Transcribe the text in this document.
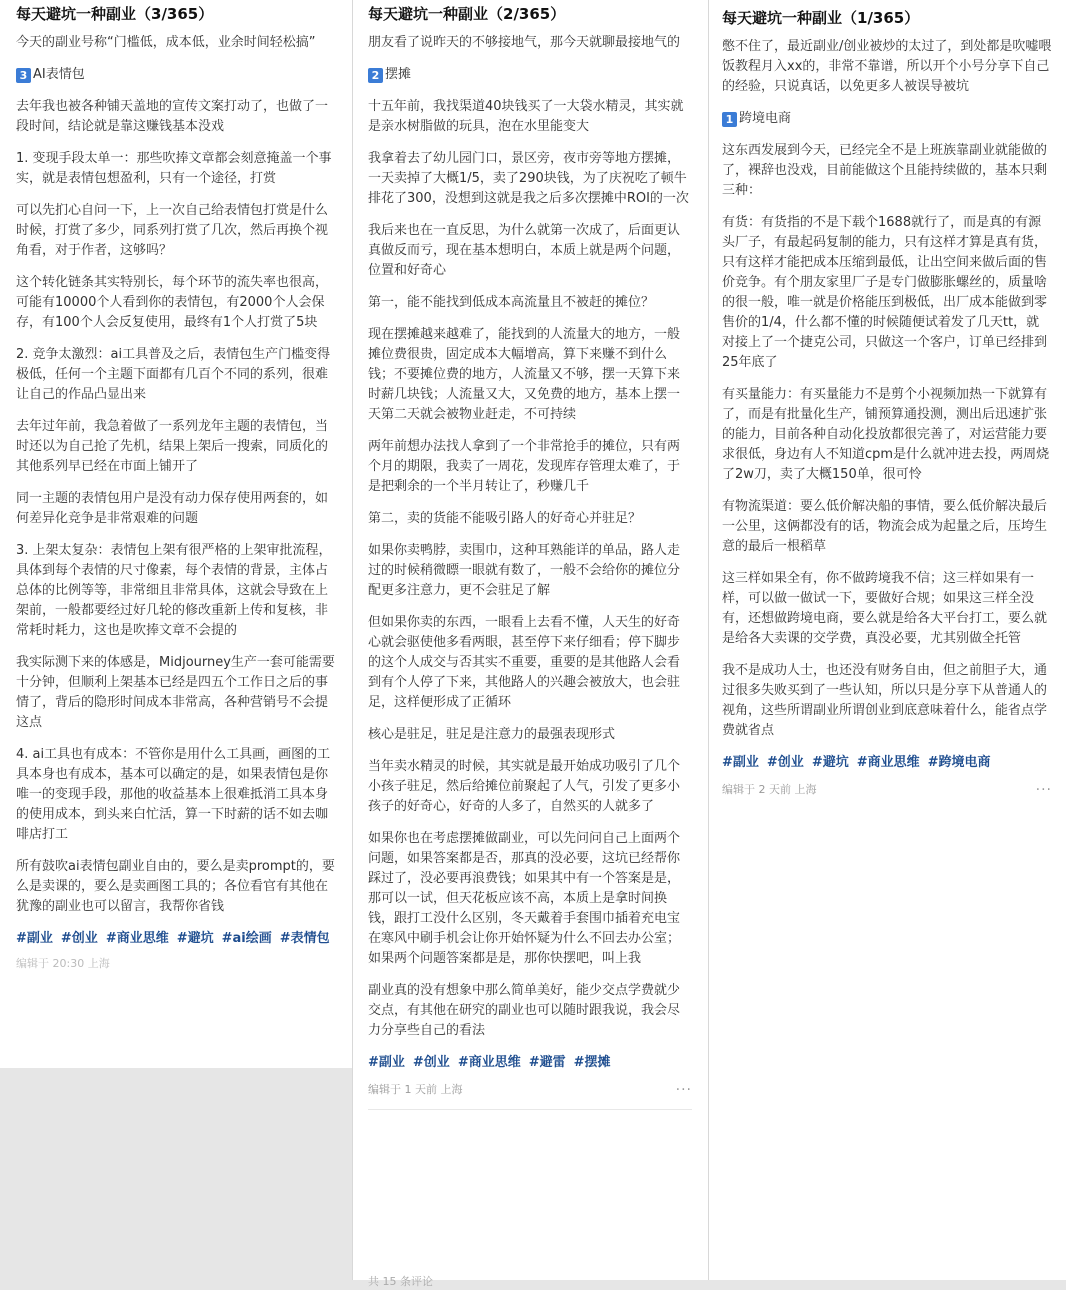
每天避坑一种副业（3/365）
今天的副业号称“门槛低，成本低，业余时间轻松搞”
3 AI表情包
去年我也被各种铺天盖地的宣传文案打动了，也做了一段时间，结论就是靠这赚钱基本没戏
1. 变现手段太单一：那些吹捧文章都会刻意掩盖一个事实，就是表情包想盈利，只有一个途径，打赏
可以先扪心自问一下，上一次自己给表情包打赏是什么时候，打赏了多少，同系列打赏了几次，然后再换个视角看，对于作者，这够吗？
这个转化链条其实特别长，每个环节的流失率也很高，可能有10000个人看到你的表情包，有2000个人会保存，有100个人会反复使用，最终有1个人打赏了5块
2. 竞争太激烈：ai工具普及之后，表情包生产门槛变得极低，任何一个主题下面都有几百个不同的系列，很难让自己的作品凸显出来
去年过年前，我急着做了一系列龙年主题的表情包，当时还以为自己抢了先机，结果上架后一搜索，同质化的其他系列早已经在市面上铺开了
同一主题的表情包用户是没有动力保存使用两套的，如何差异化竞争是非常艰难的问题
3. 上架太复杂：表情包上架有很严格的上架审批流程，具体到每个表情的尺寸像素，每个表情的背景，主体占总体的比例等等，非常细且非常具体，这就会导致在上架前，一般都要经过好几轮的修改重新上传和复核，非常耗时耗力，这也是吹捧文章不会提的
我实际测下来的体感是，Midjourney生产一套可能需要十分钟，但顺利上架基本已经是四五个工作日之后的事情了，背后的隐形时间成本非常高，各种营销号不会提这点
4. ai工具也有成本：不管你是用什么工具画，画图的工具本身也有成本，基本可以确定的是，如果表情包是你唯一的变现手段，那他的收益基本上很难抵消工具本身的使用成本，到头来白忙活，算一下时薪的话不如去咖啡店打工
所有鼓吹ai表情包副业自由的，要么是卖prompt的，要么是卖课的，要么是卖画图工具的；各位看官有其他在犹豫的副业也可以留言，我帮你省钱
#副业 #创业 #商业思维 #避坑 #ai绘画 #表情包
编辑于 20:30 上海
每天避坑一种副业（2/365）
朋友看了说昨天的不够接地气，那今天就聊最接地气的
2 摆摊
十五年前，我找渠道40块钱买了一大袋水精灵，其实就是亲水树脂做的玩具，泡在水里能变大
我拿着去了幼儿园门口，景区旁，夜市旁等地方摆摊，一天卖掉了大概1/5，卖了290块钱，为了庆祝吃了顿牛排花了300，没想到这就是我之后多次摆摊中ROI的一次
我后来也在一直反思，为什么就第一次成了，后面更认真做反而亏，现在基本想明白，本质上就是两个问题，位置和好奇心
第一，能不能找到低成本高流量且不被赶的摊位？
现在摆摊越来越难了，能找到的人流量大的地方，一般摊位费很贵，固定成本大幅增高，算下来赚不到什么钱；不要摊位费的地方，人流量又不够，摆一天算下来时薪几块钱；人流量又大，又免费的地方，基本上摆一天第二天就会被物业赶走，不可持续
两年前想办法找人拿到了一个非常抢手的摊位，只有两个月的期限，我卖了一周花，发现库存管理太难了，于是把剩余的一个半月转让了，秒赚几千
第二，卖的货能不能吸引路人的好奇心并驻足？
如果你卖鸭脖，卖围巾，这种耳熟能详的单品，路人走过的时候稍微瞟一眼就有数了，一般不会给你的摊位分配更多注意力，更不会驻足了解
但如果你卖的东西，一眼看上去看不懂，人天生的好奇心就会驱使他多看两眼，甚至停下来仔细看；停下脚步的这个人成交与否其实不重要，重要的是其他路人会看到有个人停了下来，其他路人的兴趣会被放大，也会驻足，这样便形成了正循环
核心是驻足，驻足是注意力的最强表现形式
当年卖水精灵的时候，其实就是最开始成功吸引了几个小孩子驻足，然后给摊位前聚起了人气，引发了更多小孩子的好奇心，好奇的人多了，自然买的人就多了
如果你也在考虑摆摊做副业，可以先问问自己上面两个问题，如果答案都是否，那真的没必要，这坑已经帮你踩过了，没必要再浪费钱；如果其中有一个答案是是，那可以一试，但天花板应该不高，本质上是拿时间换钱，跟打工没什么区别，冬天戴着手套围巾插着充电宝在寒风中刷手机会让你开始怀疑为什么不回去办公室；如果两个问题答案都是是，那你快摆吧，叫上我
副业真的没有想象中那么简单美好，能少交点学费就少交点，有其他在研究的副业也可以随时跟我说，我会尽力分享些自己的看法
#副业 #创业 #商业思维 #避雷 #摆摊
编辑于 1 天前 上海	···
共 15 条评论
每天避坑一种副业（1/365）
憋不住了，最近副业/创业被炒的太过了，到处都是吹嘘喂饭教程月入xx的，非常不靠谱，所以开个小号分享下自己的经验，只说真话，以免更多人被误导被坑
1 跨境电商
这东西发展到今天，已经完全不是上班族靠副业就能做的了，裸辞也没戏，目前能做这个且能持续做的，基本只剩三种：
有货：有货指的不是下载个1688就行了，而是真的有源头厂子，有最起码复制的能力，只有这样才算是真有货，只有这样才能把成本压缩到最低，让出空间来做后面的售价竞争。有个朋友家里厂子是专门做膨胀螺丝的，质量啥的很一般，唯一就是价格能压到极低，出厂成本能做到零售价的1/4，什么都不懂的时候随便试着发了几天tt，就对接上了一个捷克公司，只做这一个客户，订单已经排到25年底了
有买量能力：有买量能力不是剪个小视频加热一下就算有了，而是有批量化生产，铺预算通投测，测出后迅速扩张的能力，目前各种自动化投放都很完善了，对运营能力要求很低，身边有人不知道cpm是什么就冲进去投，两周烧了2w刀，卖了大概150单，很可怜
有物流渠道：要么低价解决船的事情，要么低价解决最后一公里，这俩都没有的话，物流会成为起量之后，压垮生意的最后一根稻草
这三样如果全有，你不做跨境我不信；这三样如果有一样，可以做一做试一下，要做好合规；如果这三样全没有，还想做跨境电商，要么就是给各大平台打工，要么就是给各大卖课的交学费，真没必要，尤其别做全托管
我不是成功人士，也还没有财务自由，但之前胆子大，通过很多失败买到了一些认知，所以只是分享下从普通人的视角，这些所谓副业所谓创业到底意味着什么，能省点学费就省点
#副业 #创业 #避坑 #商业思维 #跨境电商
编辑于 2 天前 上海	···
